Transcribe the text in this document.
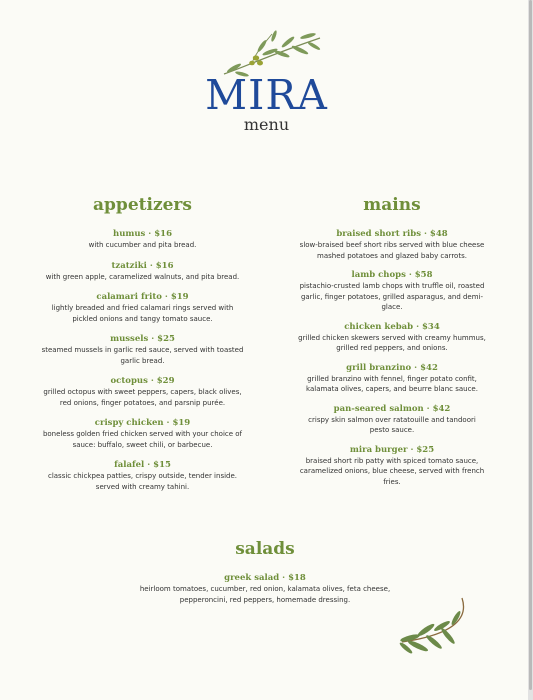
MIRA
menu
appetizers
humus · $16
with cucumber and pita bread.
tzatziki · $16
with green apple, caramelized walnuts, and pita bread.
calamari frito · $19
lightly breaded and fried calamari rings served with pickled onions and tangy tomato sauce.
mussels · $25
steamed mussels in garlic red sauce, served with toasted garlic bread.
octopus · $29
grilled octopus with sweet peppers, capers, black olives, red onions, finger potatoes, and parsnip purée.
crispy chicken · $19
boneless golden fried chicken served with your choice of sauce: buffalo, sweet chili, or barbecue.
falafel · $15
classic chickpea patties, crispy outside, tender inside. served with creamy tahini.
mains
braised short ribs · $48
slow-braised beef short ribs served with blue cheese mashed potatoes and glazed baby carrots.
lamb chops · $58
pistachio-crusted lamb chops with truffle oil, roasted garlic, finger potatoes, grilled asparagus, and demi-glace.
chicken kebab · $34
grilled chicken skewers served with creamy hummus, grilled red peppers, and onions.
grill branzino · $42
grilled branzino with fennel, finger potato confit, kalamata olives, capers, and beurre blanc sauce.
pan-seared salmon · $42
crispy skin salmon over ratatouille and tandoori pesto sauce.
mira burger · $25
braised short rib patty with spiced tomato sauce, caramelized onions, blue cheese, served with french fries.
salads
greek salad · $18
heirloom tomatoes, cucumber, red onion, kalamata olives, feta cheese, pepperoncini, red peppers, homemade dressing.
